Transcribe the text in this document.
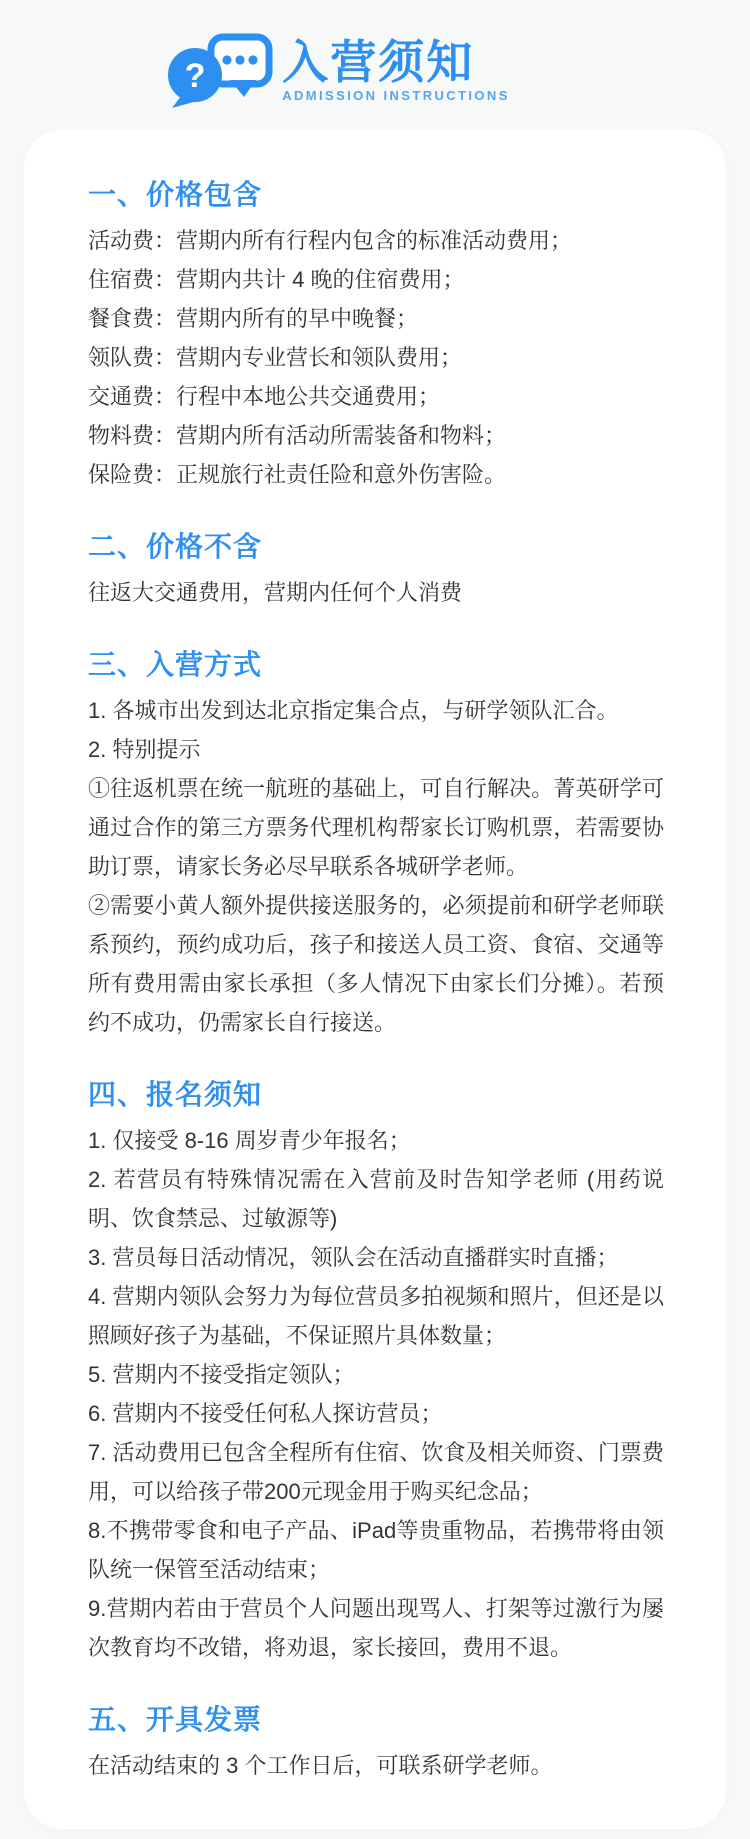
? 入营须知
ADMISSION INSTRUCTIONS
一、价格包含

活动费：营期内所有行程内包含的标准活动费用；

住宿费：营期内共计 4 晚的住宿费用；

餐食费：营期内所有的早中晚餐；

领队费：营期内专业营长和领队费用；

交通费：行程中本地公共交通费用；

物料费：营期内所有活动所需装备和物料；

保险费：正规旅行社责任险和意外伤害险。

二、价格不含

往返大交通费用，营期内任何个人消费

三、入营方式

1. 各城市出发到达北京指定集合点，与研学领队汇合。

2. 特别提示

①往返机票在统一航班的基础上，可自行解决。菁英研学可通过合作的第三方票务代理机构帮家长订购机票，若需要协助订票，请家长务必尽早联系各城研学老师。

②需要小黄人额外提供接送服务的，必须提前和研学老师联系预约，预约成功后，孩子和接送人员工资、食宿、交通等所有费用需由家长承担（多人情况下由家长们分摊）。若预约不成功，仍需家长自行接送。

四、报名须知

1. 仅接受 8-16 周岁青少年报名；

2. 若营员有特殊情况需在入营前及时告知学老师 (用药说明、饮食禁忌、过敏源等)

3. 营员每日活动情况，领队会在活动直播群实时直播；

4. 营期内领队会努力为每位营员多拍视频和照片，但还是以照顾好孩子为基础，不保证照片具体数量；

5. 营期内不接受指定领队；

6. 营期内不接受任何私人探访营员；

7. 活动费用已包含全程所有住宿、饮食及相关师资、门票费用，可以给孩子带200元现金用于购买纪念品；

8.不携带零食和电子产品、iPad等贵重物品，若携带将由领队统一保管至活动结束；

9.营期内若由于营员个人问题出现骂人、打架等过激行为屡次教育均不改错，将劝退，家长接回，费用不退。

五、开具发票

在活动结束的 3 个工作日后，可联系研学老师。
